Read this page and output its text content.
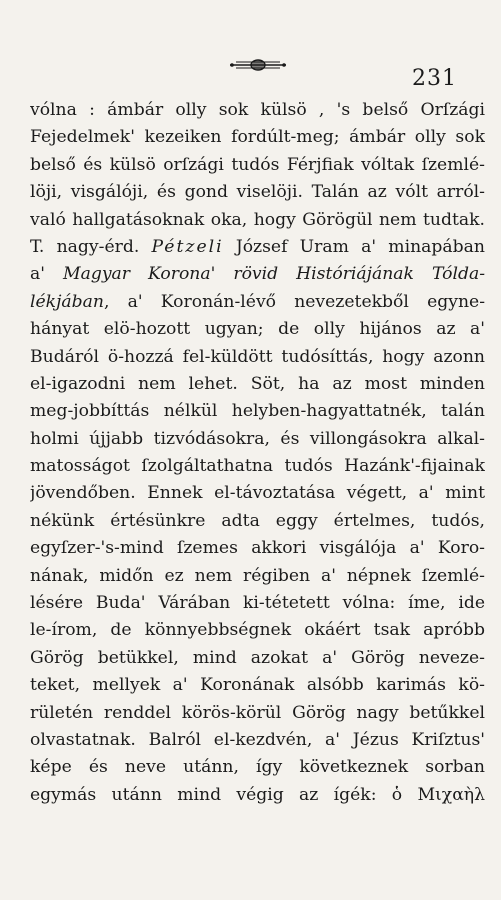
231
vólna : ámbár olly sok külsö , 's belső Orſzági
Fejedelmek' kezeiken fordúlt-meg; ámbár olly sok
belső és külsö orſzági tudós Férjfiak vóltak ſzemlé-
löji, visgálóji, és gond viselöji. Talán az vólt arról-
való hallgatásoknak oka, hogy Görögül nem tudtak.
T. nagy-érd. Pétzeli József Uram a' minapában
a' Magyar Korona' rövid Históriájának Tólda-
lékjában, a' Koronán-lévő nevezetekből egyne-
hányat elö-hozott ugyan; de olly hijános az a'
Budáról ö-hozzá fel-küldött tudósíttás, hogy azonn
el-igazodni nem lehet. Söt, ha az most minden
meg-jobbíttás nélkül helyben-hagyattatnék, talán
holmi újjabb tizvódásokra, és villongásokra alkal-
matosságot ſzolgáltathatna tudós Hazánk'-fijainak
jövendőben. Ennek el-távoztatása végett, a' mint
nékünk értésünkre adta eggy értelmes, tudós,
egyſzer-'s-mind ſzemes akkori visgálója a' Koro-
nának, midőn ez nem régiben a' népnek ſzemlé-
lésére Buda' Várában ki-tétetett vólna: íme, ide
le-írom, de könnyebbségnek okáért tsak apróbb
Görög betükkel, mind azokat a' Görög neveze-
teket, mellyek a' Koronának alsóbb karimás kö-
rületén renddel körös-körül Görög nagy betűkkel
olvastatnak. Balról el-kezdvén, a' Jézus Kriſztus'
képe és neve utánn, így következnek sorban
egymás utánn mind végig az ígék: ὁ Μιχαὴλ
